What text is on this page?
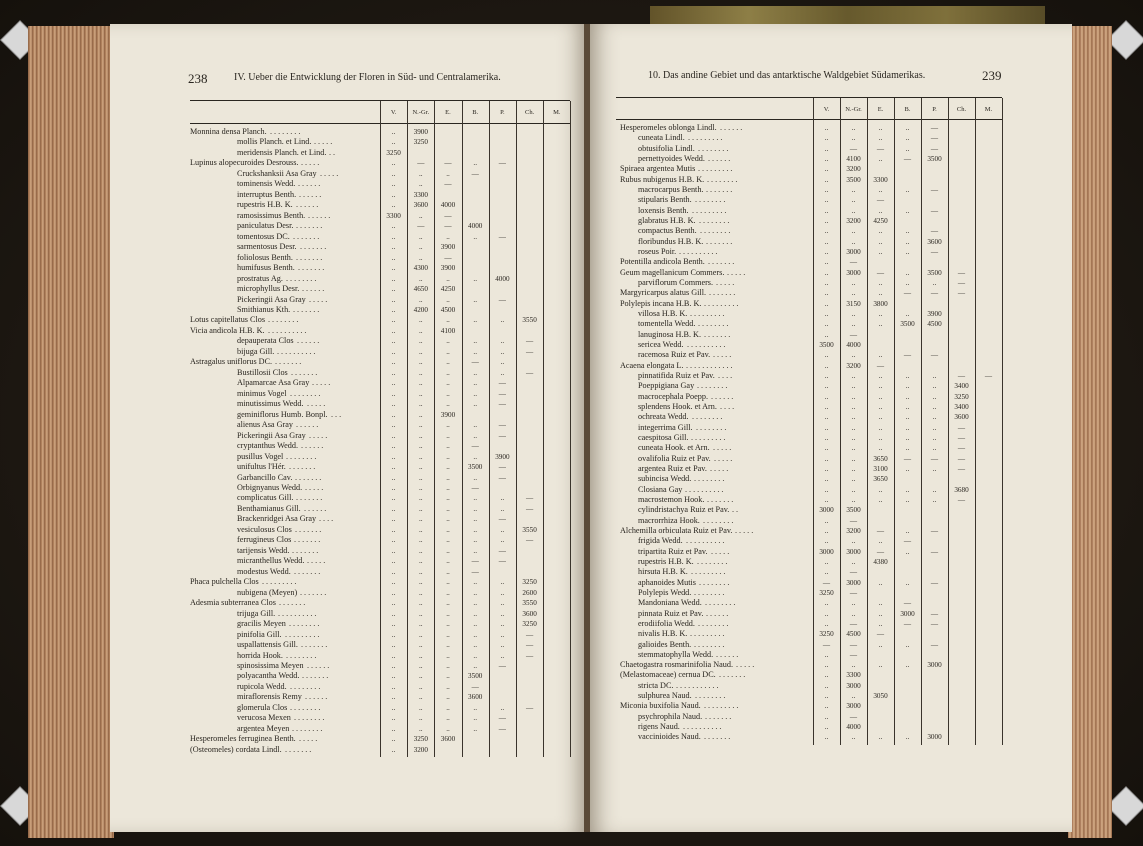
238	IV. Ueber die Entwicklung der Floren in Süd- und Centralamerika.
V.	N.-Gr.	E.	B.	P.	Ch.	M.
Monnina densa Planch. ........	..	3900
mollis Planch. et Lind. .....	..	3250
meridensis Planch. et Lind. ..	3250
Lupinus alopecuroides Desrouss. .....	..	—	—	..	—
Cruckshanksii Asa Gray .....	..	..	..	—
tominensis Wedd. ......	..	..	—
interruptus Benth. ......	..	3300
rupestris H.B. K. ......	..	3600	4000
ramosissimus Benth. ......	3300	..	—
paniculatus Desr. .......	..	—	—	4000
tomentosus DC. .......	..	..	..	..	—
sarmentosus Desr. .......	..	..	3900
foliolosus Benth. .......	..	..	—
humifusus Benth. .......	..	4300	3900
prostratus Ag. ........	..	..	..	..	4000
microphyllus Desr. ......	..	4650	4250
Pickeringii Asa Gray .....	..	..	..	..	—
Smithianus Kth. .......	..	4200	4500
Lotus capitellatus Clos ........	..	..	..	..	..	3550
Vicia andicola H.B. K. ..........	..	..	4100
depauperata Clos ......	..	..	..	..	..	—
bijuga Gill. ..........	..	..	..	..	..	—
Astragalus uniflorus DC. .......	..	..	..	—	..
Bustillosii Clos .......	..	..	..	..	..	—
Alpamarcae Asa Gray .....	..	..	..	..	—
minimus Vogel ........	..	..	..	..	—
minutissimus Wedd. .....	..	..	..	..	—
geminiflorus Humb. Bonpl. ...	..	..	3900
alienus Asa Gray ......	..	..	..	..	—
Pickeringii Asa Gray .....	..	..	..	..	—
cryptanthus Wedd. ......	..	..	..	—
pusillus Vogel ........	..	..	..	..	3900
unifultus l'Hér. .......	..	..	..	3500	—
Garbancillo Cav. .......	..	..	..	..	—
Orbignyanus Wedd. .....	..	..	..	—
complicatus Gill. .......	..	..	..	..	..	—
Benthamianus Gill. ......	..	..	..	..	..	—
Brackenridgei Asa Gray ....	..	..	..	..	—
vesiculosus Clos .......	..	..	..	..	..	3550
ferrugineus Clos .......	..	..	..	..	..	—
tarijensis Wedd. .......	..	..	..	..	—
micranthellus Wedd. .....	..	..	..	—	—
modestus Wedd. .......	..	..	..	—
Phaca pulchella Clos .........	..	..	..	..	..	3250
nubigena (Meyen) .......	..	..	..	..	..	2600
Adesmia subterranea Clos .......	..	..	..	..	..	3550
trijuga Gill. ..........	..	..	..	..	..	3600
gracilis Meyen ........	..	..	..	..	..	3250
pinifolia Gill. .........	..	..	..	..	..	—
uspallattensis Gill. .......	..	..	..	..	..	—
horrida Hook. ........	..	..	..	..	..	—
spinosissima Meyen ......	..	..	..	..	—
polyacantha Wedd. .......	..	..	..	3500
rupicola Wedd. ........	..	..	..	—
miraflorensis Remy ......	..	..	..	3600
glomerula Clos ........	..	..	..	..	..	—
verucosa Mexen ........	..	..	..	..	—
argentea Meyen ........	..	..	..	..	—
Hesperomeles ferruginea Benth. .....	..	3250	3600
(Osteomeles) cordata Lindl. .......	..	3200
10. Das andine Gebiet und das antarktische Waldgebiet Südamerikas.	239
V.	N.-Gr.	E.	B.	P.	Ch.	M.
Hesperomeles oblonga Lindl. ......	..	..	..	..	—
cuneata Lindl. .........	..	..	..	..	—
obtusifolia Lindl. ........	..	—	—	..	—
pernettyoides Wedd. ......	..	4100	..	—	3500
Spiraea argentea Mutis .........	..	3200
Rubus nubigenus H.B. K. ........	..	3500	3300
macrocarpus Benth. .......	..	..	..	..	—
stipularis Benth. ........	..	..	—
loxensis Benth. .........	..	..	..	..	—
glabratus H.B. K. ........	..	3200	4250
compactus Benth. ........	..	..	..	..	—
floribundus H.B. K. .......	..	..	..	..	3600
roseus Poir. ..........	..	3000	..	..	—
Potentilla andicola Benth. .......	..	—
Geum magellanicum Commers. .....	..	3000	—	..	3500	—
parviflorum Commers. .....	..	..	..	..	..	—
Margyricarpus alatus Gill. .......	..	..	..	—	—	—
Polylepis incana H.B. K. .........	..	3150	3800
villosa H.B. K. .........	..	..	..	..	3900
tomentella Wedd. ........	..	..	..	3500	4500
lanuginosa H.B. K. .......	..	—
sericea Wedd. ..........	3500	4000
racemosa Ruiz et Pav. .....	..	..	..	—	—
Acaena elongata L. ............	..	3200	—
pinnatifida Ruiz et Pav. ....	..	..	..	..	..	—	—
Poeppigiana Gay ........	..	..	..	..	..	3400
macrocephala Poepp. ......	..	..	..	..	..	3250
splendens Hook. et Arn. ....	..	..	..	..	..	3400
ochreata Wedd. ........	..	..	..	..	..	3600
integerrima Gill. ........	..	..	..	..	..	—
caespitosa Gill. .........	..	..	..	..	..	—
cuneata Hook. et Arn. .....	..	..	..	..	..	—
ovalifolia Ruiz et Pav. .....	..	..	3650	—	—	—
argentea Ruiz et Pav. .....	..	..	3100	..	..	—
subincisa Wedd. ........	..	..	3650
Closiana Gay ..........	..	..	..	..	..	3680
macrostemon Hook. .......	..	..	..	..	..	—
cylindristachya Ruiz et Pav. ..	3000	3500
macrorrhiza Hook. ........	..	—
Alchemilla orbiculata Ruiz et Pav. .....	..	3200	—	..	—
frigida Wedd. ..........	..	..	..	—
tripartita Ruiz et Pav. .....	3000	3000	—	..	—
rupestris H.B. K. ........	..	..	4380
hirsuta H.B. K. .........	..	—
aphanoides Mutis ........	—	3000	..	..	—
Polylepis Wedd. ........	3250	—
Mandoniana Wedd. ........	..	..	..	—
pinnata Ruiz et Pav. ......	..	..	..	3000	—
erodiifolia Wedd. ........	..	—	..	—	—
nivalis H.B. K. .........	3250	4500	—
galioides Benth. ........	—	—	..	..	—
stemmatophylla Wedd. ......	..	—
Chaetogastra rosmarinifolia Naud. .....	..	..	..	..	3000
(Melastomaceae) cernua DC. .......	..	3300
stricta DC. ...........	..	3000
sulphurea Naud. ........	..	..	3050
Miconia buxifolia Naud. .........	..	3000
psychrophila Naud. .......	..	—
rigens Naud. ..........	..	4000
vaccinioides Naud. .......	..	..	..	..	3000
